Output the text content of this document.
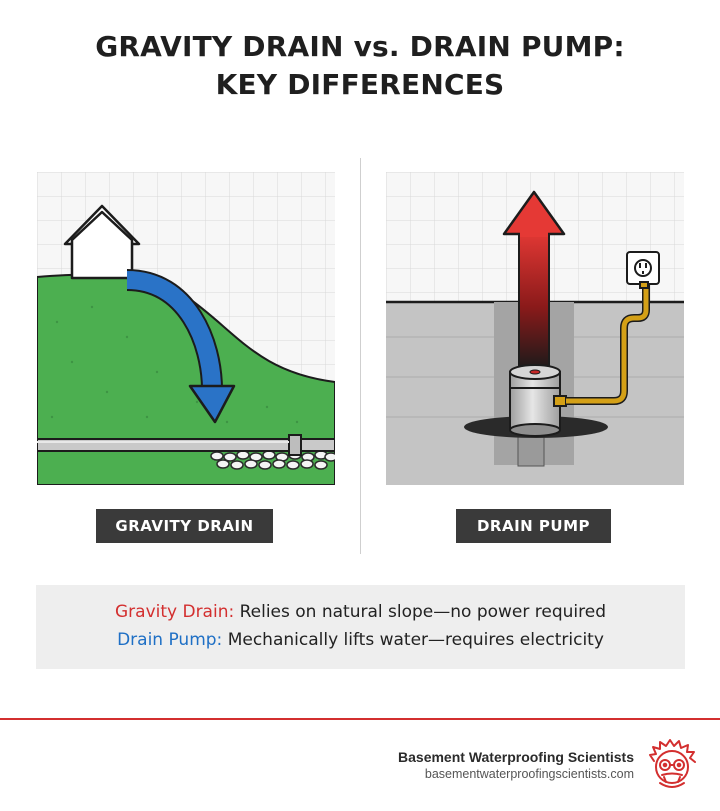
GRAVITY DRAIN vs. DRAIN PUMP:
KEY DIFFERENCES
GRAVITY DRAIN	DRAIN PUMP
Gravity Drain: Relies on natural slope—no power required
Drain Pump: Mechanically lifts water—requires electricity
Basement Waterproofing Scientists
basementwaterproofingscientists.com
